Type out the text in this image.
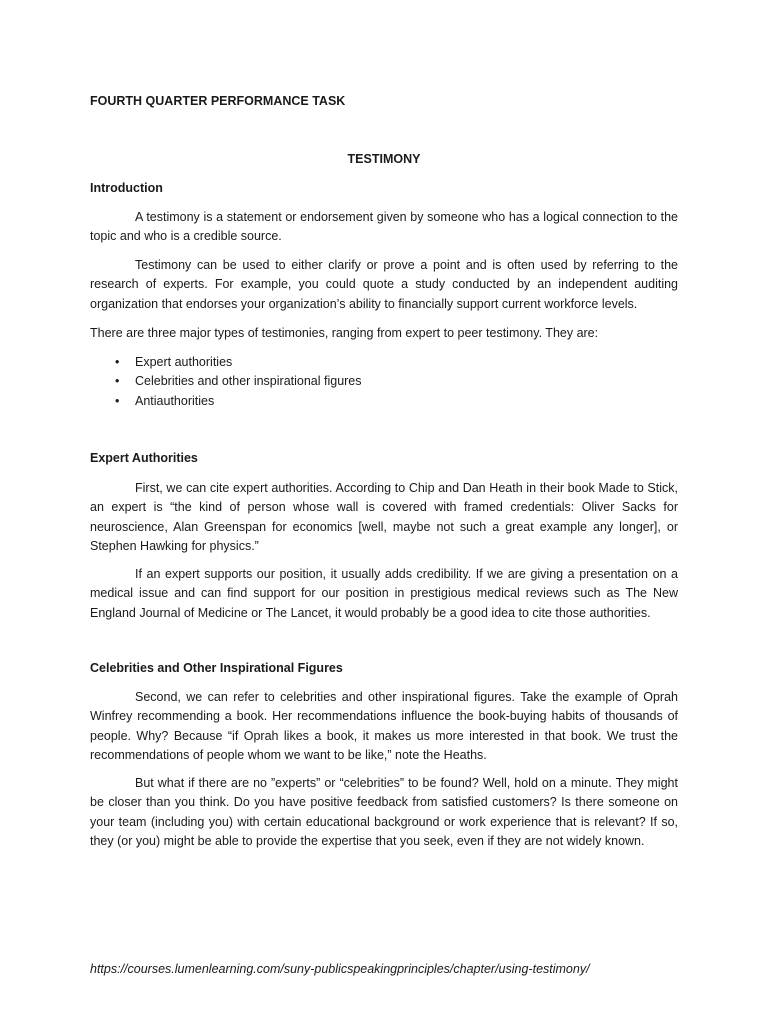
FOURTH QUARTER PERFORMANCE TASK
TESTIMONY
Introduction

A testimony is a statement or endorsement given by someone who has a logical connection to the topic and who is a credible source.

Testimony can be used to either clarify or prove a point and is often used by referring to the research of experts. For example, you could quote a study conducted by an independent auditing organization that endorses your organization’s ability to financially support current workforce levels.

There are three major types of testimonies, ranging from expert to peer testimony. They are:

• Expert authorities
• Celebrities and other inspirational figures
• Antiauthorities
Expert Authorities

First, we can cite expert authorities. According to Chip and Dan Heath in their book Made to Stick, an expert is “the kind of person whose wall is covered with framed credentials: Oliver Sacks for neuroscience, Alan Greenspan for economics [well, maybe not such a great example any longer], or Stephen Hawking for physics.”

If an expert supports our position, it usually adds credibility. If we are giving a presentation on a medical issue and can find support for our position in prestigious medical reviews such as The New England Journal of Medicine or The Lancet, it would probably be a good idea to cite those authorities.

Celebrities and Other Inspirational Figures

Second, we can refer to celebrities and other inspirational figures. Take the example of Oprah Winfrey recommending a book. Her recommendations influence the book-buying habits of thousands of people. Why? Because “if Oprah likes a book, it makes us more interested in that book. We trust the recommendations of people whom we want to be like,” note the Heaths.

But what if there are no ”experts” or “celebrities” to be found? Well, hold on a minute. They might be closer than you think. Do you have positive feedback from satisfied customers? Is there someone on your team (including you) with certain educational background or work experience that is relevant? If so, they (or you) might be able to provide the expertise that you seek, even if they are not widely known.

https://courses.lumenlearning.com/suny-publicspeakingprinciples/chapter/using-testimony/
